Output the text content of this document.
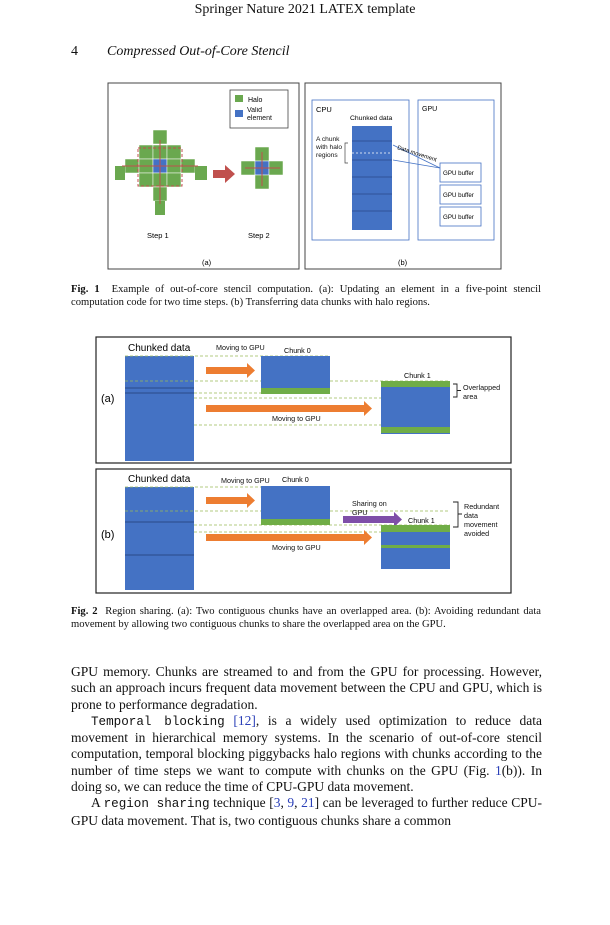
Springer Nature 2021 LATEX template
4 Compressed Out-of-Core Stencil
Halo
Valid element
Step 1	Step 2
(a)
CPU	GPU
Chunked data
A chunk with halo regions	Data movement
GPU buffer
GPU buffer
GPU buffer
(b)
Fig. 1 Example of out-of-core stencil computation. (a): Updating an element in a five-point stencil computation code for two time steps. (b) Transferring data chunks with halo regions.
Chunked data
(a)
Moving to GPU	Chunk 0
Moving to GPU
Chunk 1
Overlapped area
Chunked data
(b)
Moving to GPU Chunk 0
Sharing on GPU
Chunk 1
Redundant data movement avoided
Moving to GPU
Fig. 2 Region sharing. (a): Two contiguous chunks have an overlapped area. (b): Avoiding redundant data movement by allowing two contiguous chunks to share the overlapped area on the GPU.

GPU memory. Chunks are streamed to and from the GPU for processing. However, such an approach incurs frequent data movement between the CPU and GPU, which is prone to performance degradation.

Temporal blocking [12], is a widely used optimization to reduce data movement in hierarchical memory systems. In the scenario of out-of-core stencil computation, temporal blocking piggybacks halo regions with chunks according to the number of time steps we want to compute with chunks on the GPU (Fig. 1(b)). In doing so, we can reduce the time of CPU-GPU data movement.

A region sharing technique [3, 9, 21] can be leveraged to further reduce CPU-GPU data movement. That is, two contiguous chunks share a common
